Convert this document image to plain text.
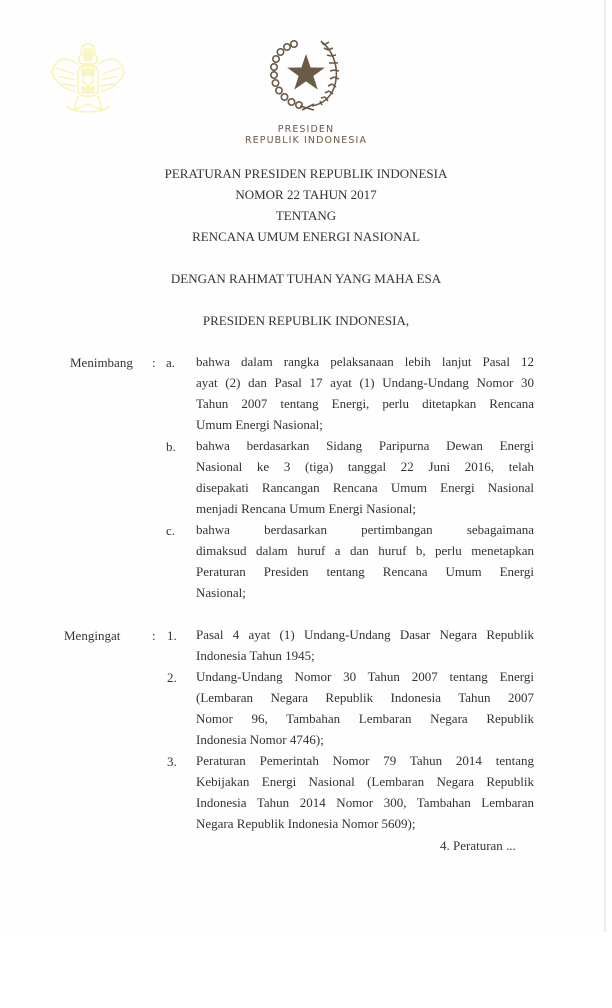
PRESIDEN
REPUBLIK INDONESIA
PERATURAN PRESIDEN REPUBLIK INDONESIA
NOMOR 22 TAHUN 2017
TENTANG
RENCANA UMUM ENERGI NASIONAL
DENGAN RAHMAT TUHAN YANG MAHA ESA
PRESIDEN REPUBLIK INDONESIA,
Menimbang : a. bahwa dalam rangka pelaksanaan lebih lanjut Pasal 12
ayat (2) dan Pasal 17 ayat (1) Undang-Undang Nomor 30
Tahun 2007 tentang Energi, perlu ditetapkan Rencana
Umum Energi Nasional;
b. bahwa berdasarkan Sidang Paripurna Dewan Energi
Nasional ke 3 (tiga) tanggal 22 Juni 2016, telah
disepakati Rancangan Rencana Umum Energi Nasional
menjadi Rencana Umum Energi Nasional;
c. bahwa berdasarkan pertimbangan sebagaimana
dimaksud dalam huruf a dan huruf b, perlu menetapkan
Peraturan Presiden tentang Rencana Umum Energi
Nasional;
Mengingat : 1. Pasal 4 ayat (1) Undang-Undang Dasar Negara Republik
Indonesia Tahun 1945;
2. Undang-Undang Nomor 30 Tahun 2007 tentang Energi
(Lembaran Negara Republik Indonesia Tahun 2007
Nomor 96, Tambahan Lembaran Negara Republik
Indonesia Nomor 4746);
3. Peraturan Pemerintah Nomor 79 Tahun 2014 tentang
Kebijakan Energi Nasional (Lembaran Negara Republik
Indonesia Tahun 2014 Nomor 300, Tambahan Lembaran
Negara Republik Indonesia Nomor 5609);
4. Peraturan ...
